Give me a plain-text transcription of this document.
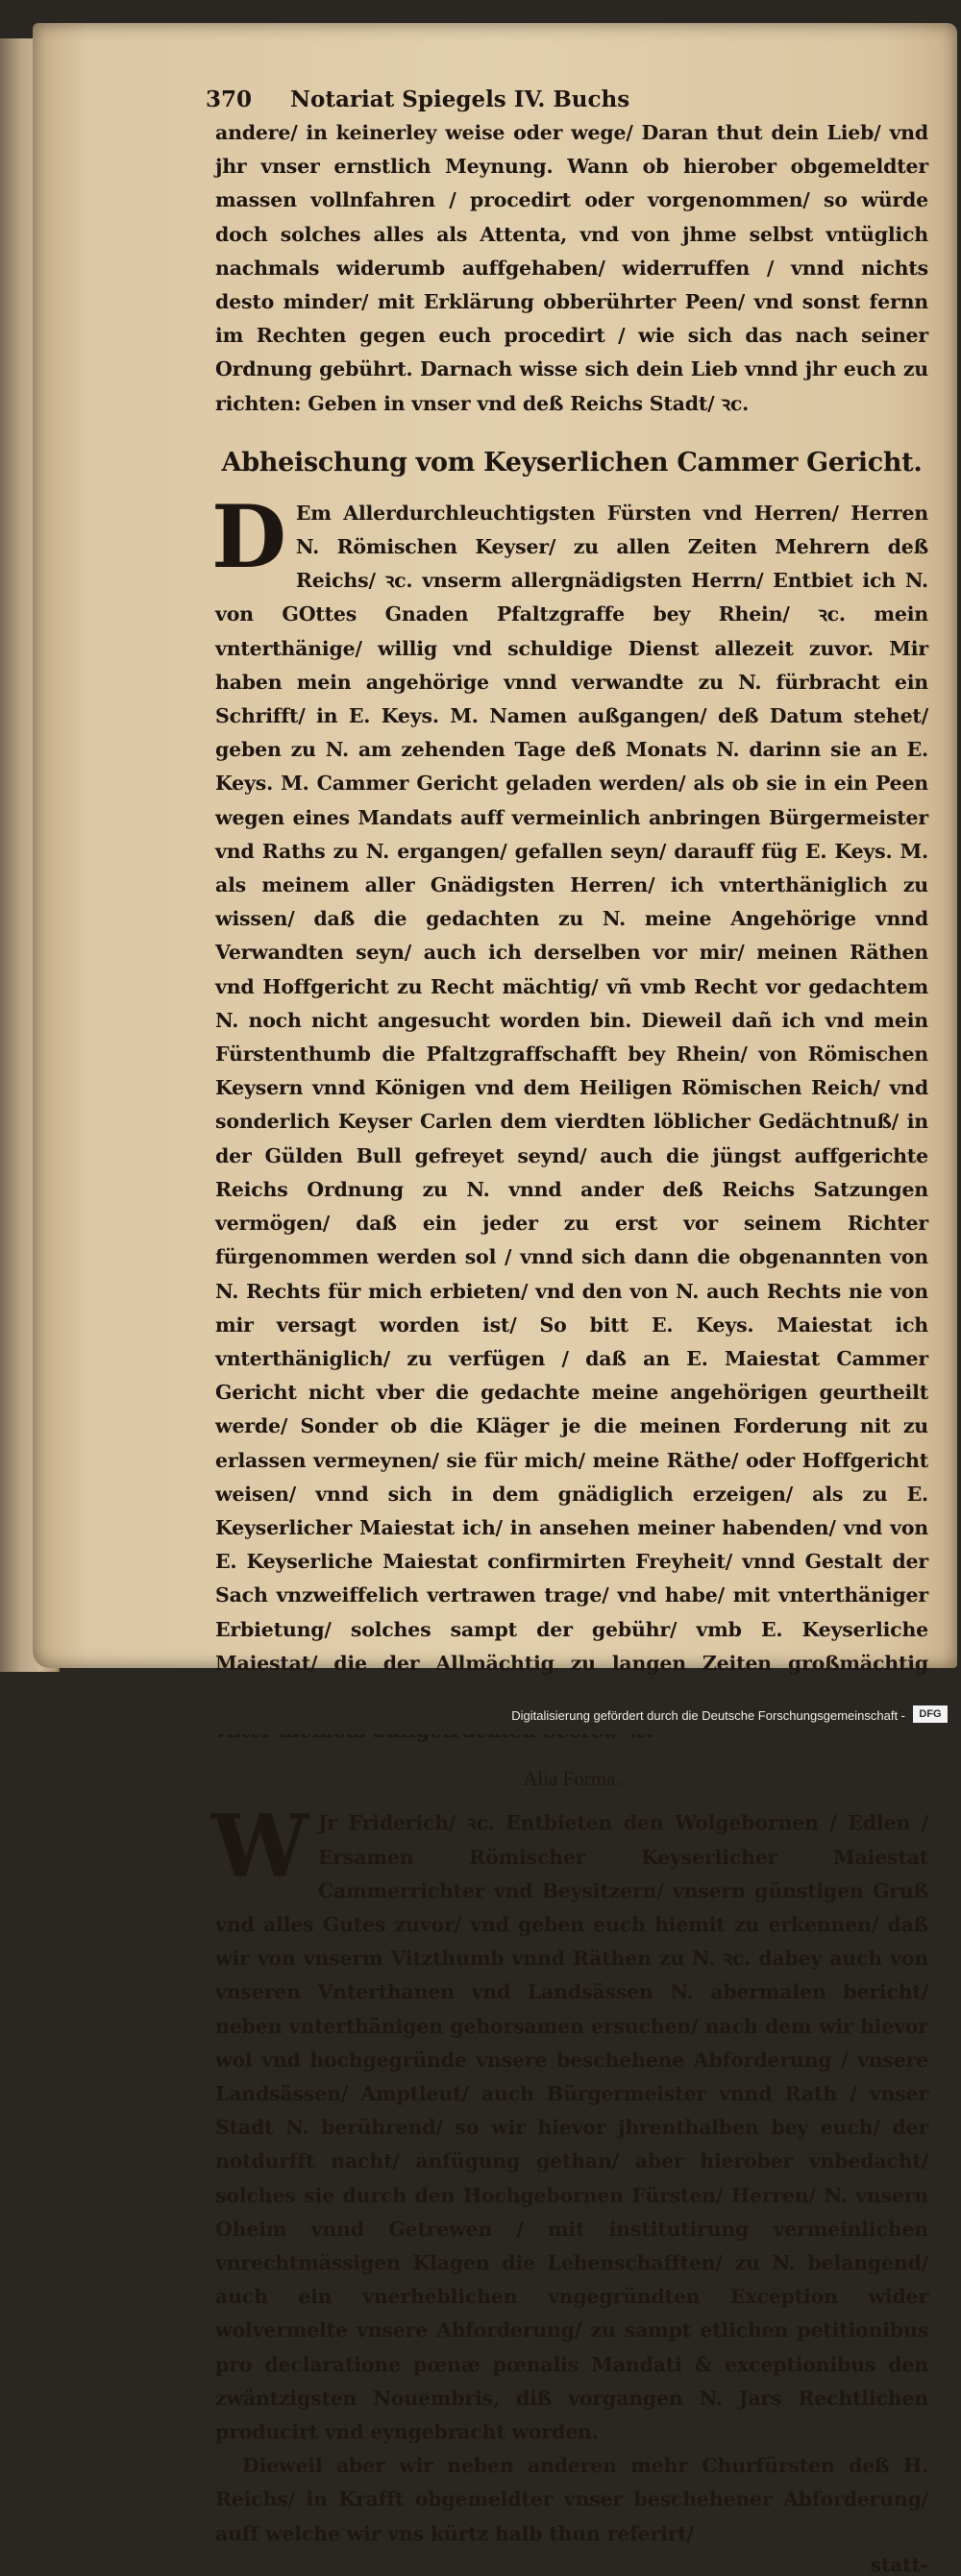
370 Notariat Spiegels IV. Buchs

andere/ in keinerley weise oder wege/ Daran thut dein Lieb/ vnd jhr vnser ernstlich Meynung. Wann ob hierober obgemeldter massen vollnfahren / procedirt oder vorgenommen/ so würde doch solches alles als Attenta, vnd von jhme selbst vntüglich nachmals widerumb auffgehaben/ widerruffen / vnnd nichts desto minder/ mit Erklärung obberührter Peen/ vnd sonst fernn im Rechten gegen euch procedirt / wie sich das nach seiner Ordnung gebührt. Darnach wisse sich dein Lieb vnnd jhr euch zu richten: Geben in vnser vnd deß Reichs Stadt/ ꝛc.

Abheischung vom Keyserlichen Cammer Gericht.

D Em Allerdurchleuchtigsten Fürsten vnd Herren/ Herren N. Römischen Keyser/ zu allen Zeiten Mehrern deß Reichs/ ꝛc. vnserm allergnädigsten Herrn/ Entbiet ich N. von GOttes Gnaden Pfaltzgraffe bey Rhein/ ꝛc. mein vnterthänige/ willig vnd schuldige Dienst allezeit zuvor. Mir haben mein angehörige vnnd verwandte zu N. fürbracht ein Schrifft/ in E. Keys. M. Namen außgangen/ deß Datum stehet/ geben zu N. am zehenden Tage deß Monats N. darinn sie an E. Keys. M. Cammer Gericht geladen werden/ als ob sie in ein Peen wegen eines Mandats auff vermeinlich anbringen Bürgermeister vnd Raths zu N. ergangen/ gefallen seyn/ darauff füg E. Keys. M. als meinem aller Gnädigsten Herren/ ich vnterthäniglich zu wissen/ daß die gedachten zu N. meine Angehörige vnnd Verwandten seyn/ auch ich derselben vor mir/ meinen Räthen vnd Hoffgericht zu Recht mächtig/ vñ vmb Recht vor gedachtem N. noch nicht angesucht worden bin. Dieweil dañ ich vnd mein Fürstenthumb die Pfaltzgraffschafft bey Rhein/ von Römischen Keysern vnnd Königen vnd dem Heiligen Römischen Reich/ vnd sonderlich Keyser Carlen dem vierdten löblicher Gedächtnuß/ in der Gülden Bull gefreyet seynd/ auch die jüngst auffgerichte Reichs Ordnung zu N. vnnd ander deß Reichs Satzungen vermögen/ daß ein jeder zu erst vor seinem Richter fürgenommen werden sol / vnnd sich dann die obgenannten von N. Rechts für mich erbieten/ vnd den von N. auch Rechts nie von mir versagt worden ist/ So bitt E. Keys. Maiestat ich vnterthäniglich/ zu verfügen / daß an E. Maiestat Cammer Gericht nicht vber die gedachte meine angehörigen geurtheilt werde/ Sonder ob die Kläger je die meinen Forderung nit zu erlassen vermeynen/ sie für mich/ meine Räthe/ oder Hoffgericht weisen/ vnnd sich in dem gnädiglich erzeigen/ als zu E. Keyserlicher Maiestat ich/ in ansehen meiner habenden/ vnd von E. Keyserliche Maiestat confirmirten Freyheit/ vnnd Gestalt der Sach vnzweiffelich vertrawen trage/ vnd habe/ mit vnterthäniger Erbietung/ solches sampt der gebühr/ vmb E. Keyserliche Maiestat/ die der Allmächtig zu langen Zeiten großmächtig

Alia Forma.

W Jr Friderich/ ꝛc. Entbieten den Wolgebornen / Edlen / Ersamen Römischer Keyserlicher Maiestat Cammerrichter vnd Beysitzern/ vnsern günstigen Gruß vnd alles Gutes zuvor/ vnd geben euch hiemit zu erkennen/ daß wir von vnserm Vitzthumb vnnd Räthen zu N. ꝛc. dabey auch von vnseren Vnterthanen vnd Landsässen N. abermalen bericht/ neben vnterthänigen gehorsamen ersuchen/ nach dem wir hievor wol vnd hochgegründe vnsere beschehene Abforderung / vnsere Landsässen/ Amptleut/ auch Bürgermeister vnnd Rath / vnser Stadt N. berührend/ so wir hievor jhrenthalben bey euch/ der notdurfft nacht/ anfügung gethan/ aber hierober vnbedacht/ solches sie durch den Hochgebornen Fürsten/ Herren/ N. vnsern Oheim vnnd Getrewen / mit institutirung vermeinlichen vnrechtmässigen Klagen die Lehenschafften/ zu N. belangend/ auch ein vnerheblichen vngegründten Exception wider wolvermelte vnsere Abforderung/ zu sampt etlichen petitionibus pro declaratione pœnæ pœnalis Mandati & exceptionibus den zwäntzigsten Nouembris, diß vorgangen N. Jars Rechtlichen producirt vnd eyngebracht worden.

Dieweil aber wir neben anderen mehr Churfürsten deß H. Reichs/ in Krafft obgemeldter vnser beschehener Abforderung/ auff welche wir vns kürtz halb thun referirt/

statt-
Digitalisierung gefördert durch die Deutsche Forschungsgemeinschaft -	DFG
